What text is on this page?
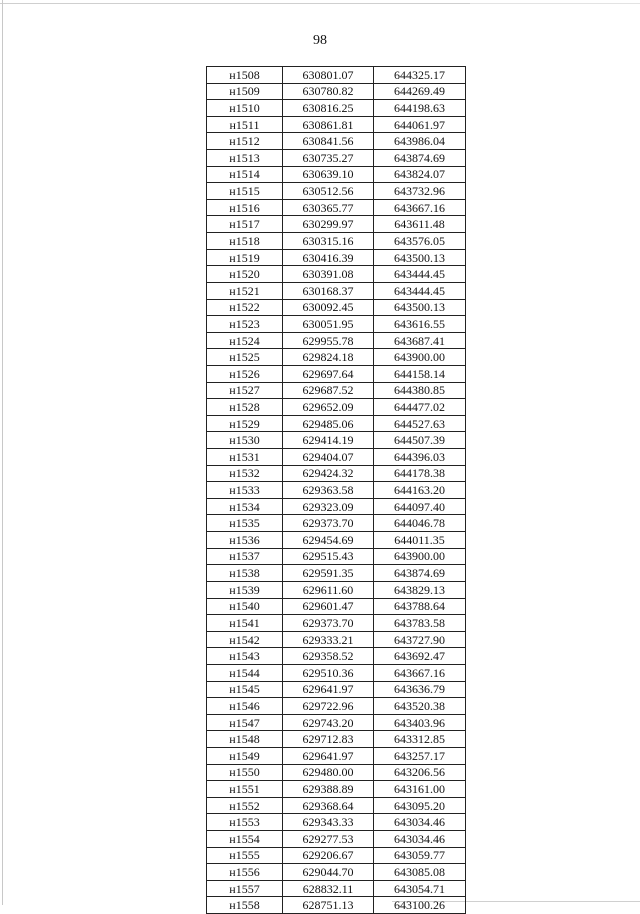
98
н1508	630801.07	644325.17
н1509	630780.82	644269.49
н1510	630816.25	644198.63
н1511	630861.81	644061.97
н1512	630841.56	643986.04
н1513	630735.27	643874.69
н1514	630639.10	643824.07
н1515	630512.56	643732.96
н1516	630365.77	643667.16
н1517	630299.97	643611.48
н1518	630315.16	643576.05
н1519	630416.39	643500.13
н1520	630391.08	643444.45
н1521	630168.37	643444.45
н1522	630092.45	643500.13
н1523	630051.95	643616.55
н1524	629955.78	643687.41
н1525	629824.18	643900.00
н1526	629697.64	644158.14
н1527	629687.52	644380.85
н1528	629652.09	644477.02
н1529	629485.06	644527.63
н1530	629414.19	644507.39
н1531	629404.07	644396.03
н1532	629424.32	644178.38
н1533	629363.58	644163.20
н1534	629323.09	644097.40
н1535	629373.70	644046.78
н1536	629454.69	644011.35
н1537	629515.43	643900.00
н1538	629591.35	643874.69
н1539	629611.60	643829.13
н1540	629601.47	643788.64
н1541	629373.70	643783.58
н1542	629333.21	643727.90
н1543	629358.52	643692.47
н1544	629510.36	643667.16
н1545	629641.97	643636.79
н1546	629722.96	643520.38
н1547	629743.20	643403.96
н1548	629712.83	643312.85
н1549	629641.97	643257.17
н1550	629480.00	643206.56
н1551	629388.89	643161.00
н1552	629368.64	643095.20
н1553	629343.33	643034.46
н1554	629277.53	643034.46
н1555	629206.67	643059.77
н1556	629044.70	643085.08
н1557	628832.11	643054.71
н1558	628751.13	643100.26
